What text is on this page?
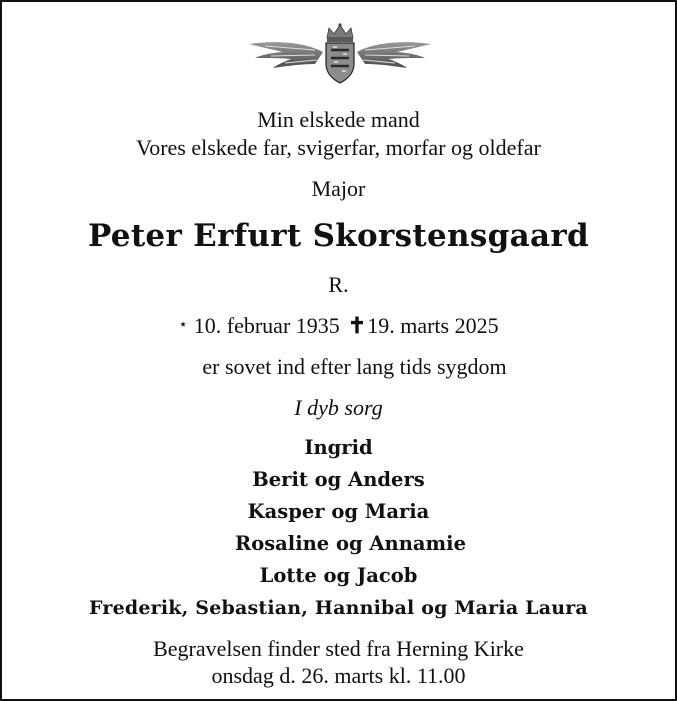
Min elskede mand
Vores elskede far, svigerfar, morfar og oldefar
Major
Peter Erfurt Skorstensgaard
R.
⋆ 10. februar 1935 ✝19. marts 2025
er sovet ind efter lang tids sygdom
I dyb sorg
Ingrid
Berit og Anders
Kasper og Maria
Rosaline og Annamie
Lotte og Jacob
Frederik, Sebastian, Hannibal og Maria Laura
Begravelsen finder sted fra Herning Kirke
onsdag d. 26. marts kl. 11.00
